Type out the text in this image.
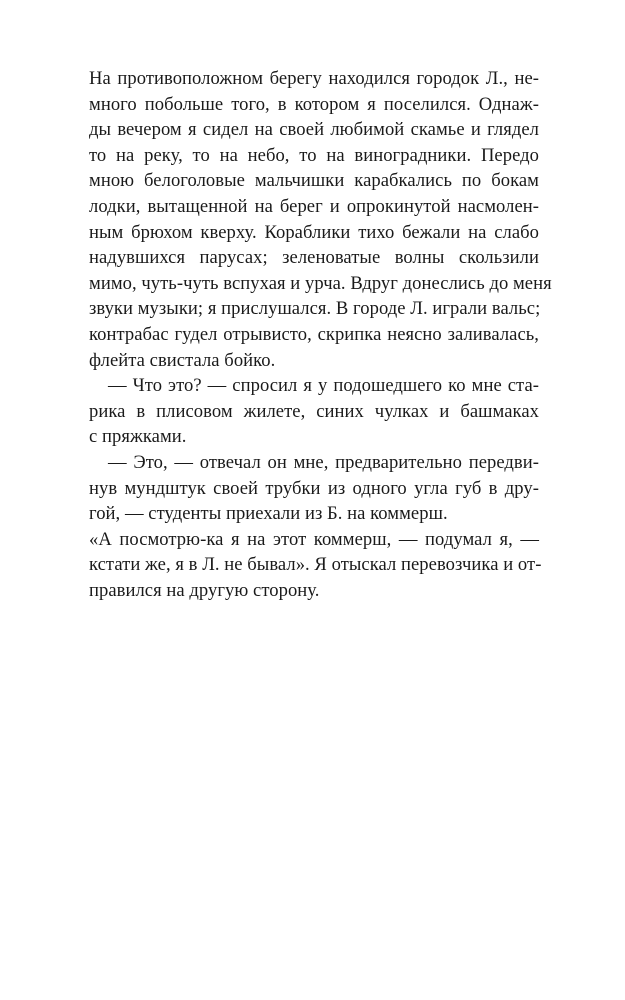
На противоположном берегу находился городок Л., не-
много побольше того, в котором я поселился. Однаж-
ды вечером я сидел на своей любимой скамье и глядел
то на реку, то на небо, то на виноградники. Передо
мною белоголовые мальчишки карабкались по бокам
лодки, вытащенной на берег и опрокинутой насмолен-
ным брюхом кверху. Кораблики тихо бежали на слабо
надувшихся парусах; зеленоватые волны скользили
мимо, чуть-чуть вспухая и урча. Вдруг донеслись до меня
звуки музыки; я прислушался. В городе Л. играли вальс;
контрабас гудел отрывисто, скрипка неясно заливалась,
флейта свистала бойко.
— Что это? — спросил я у подошедшего ко мне ста-
рика в плисовом жилете, синих чулках и башмаках
с пряжками.
— Это, — отвечал он мне, предварительно передви-
нув мундштук своей трубки из одного угла губ в дру-
гой, — студенты приехали из Б. на коммерш.
«А посмотрю-ка я на этот коммерш, — подумал я, —
кстати же, я в Л. не бывал». Я отыскал перевозчика и от-
правился на другую сторону.
